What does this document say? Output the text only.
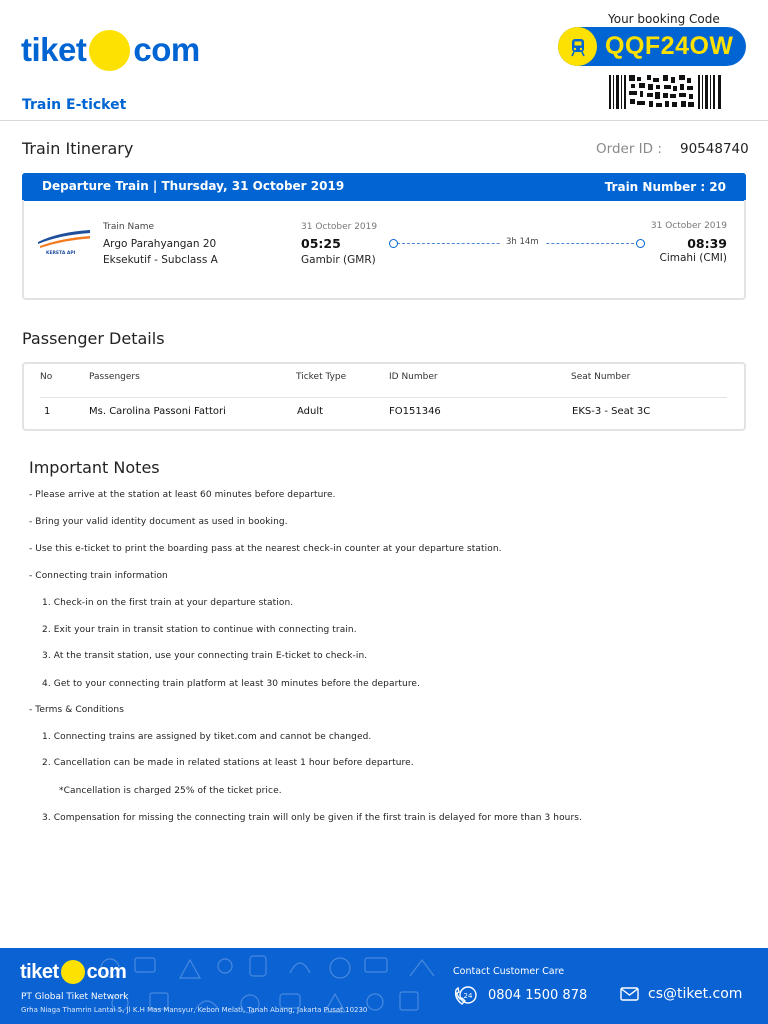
tiket com
Train E-ticket
Your booking Code
QQF24OW
Train Itinerary	Order ID : 90548740
Departure Train | Thursday, 31 October 2019	Train Number : 20
KERETA API
Train Name
Argo Parahyangan 20
Eksekutif - Subclass A
31 October 2019
05:25
Gambir (GMR)
3h 14m
31 October 2019
08:39
Cimahi (CMI)
Passenger Details
No	Passengers	Ticket Type	ID Number	Seat Number
1	Ms. Carolina Passoni Fattori	Adult	FO151346	EKS-3 - Seat 3C
Important Notes
- Please arrive at the station at least 60 minutes before departure.
- Bring your valid identity document as used in booking.
- Use this e-ticket to print the boarding pass at the nearest check-in counter at your departure station.
- Connecting train information
1. Check-in on the first train at your departure station.
2. Exit your train in transit station to continue with connecting train.
3. At the transit station, use your connecting train E-ticket to check-in.
4. Get to your connecting train platform at least 30 minutes before the departure.
- Terms & Conditions
1. Connecting trains are assigned by tiket.com and cannot be changed.
2. Cancellation can be made in related stations at least 1 hour before departure.
*Cancellation is charged 25% of the ticket price.
3. Compensation for missing the connecting train will only be given if the first train is delayed for more than 3 hours.
tiket com
PT Global Tiket Network
Grha Niaga Thamrin Lantai 5, Jl K.H Mas Mansyur, Kebon Melati, Tanah Abang, Jakarta Pusat 10230
Contact Customer Care
24 0804 1500 878	cs@tiket.com
